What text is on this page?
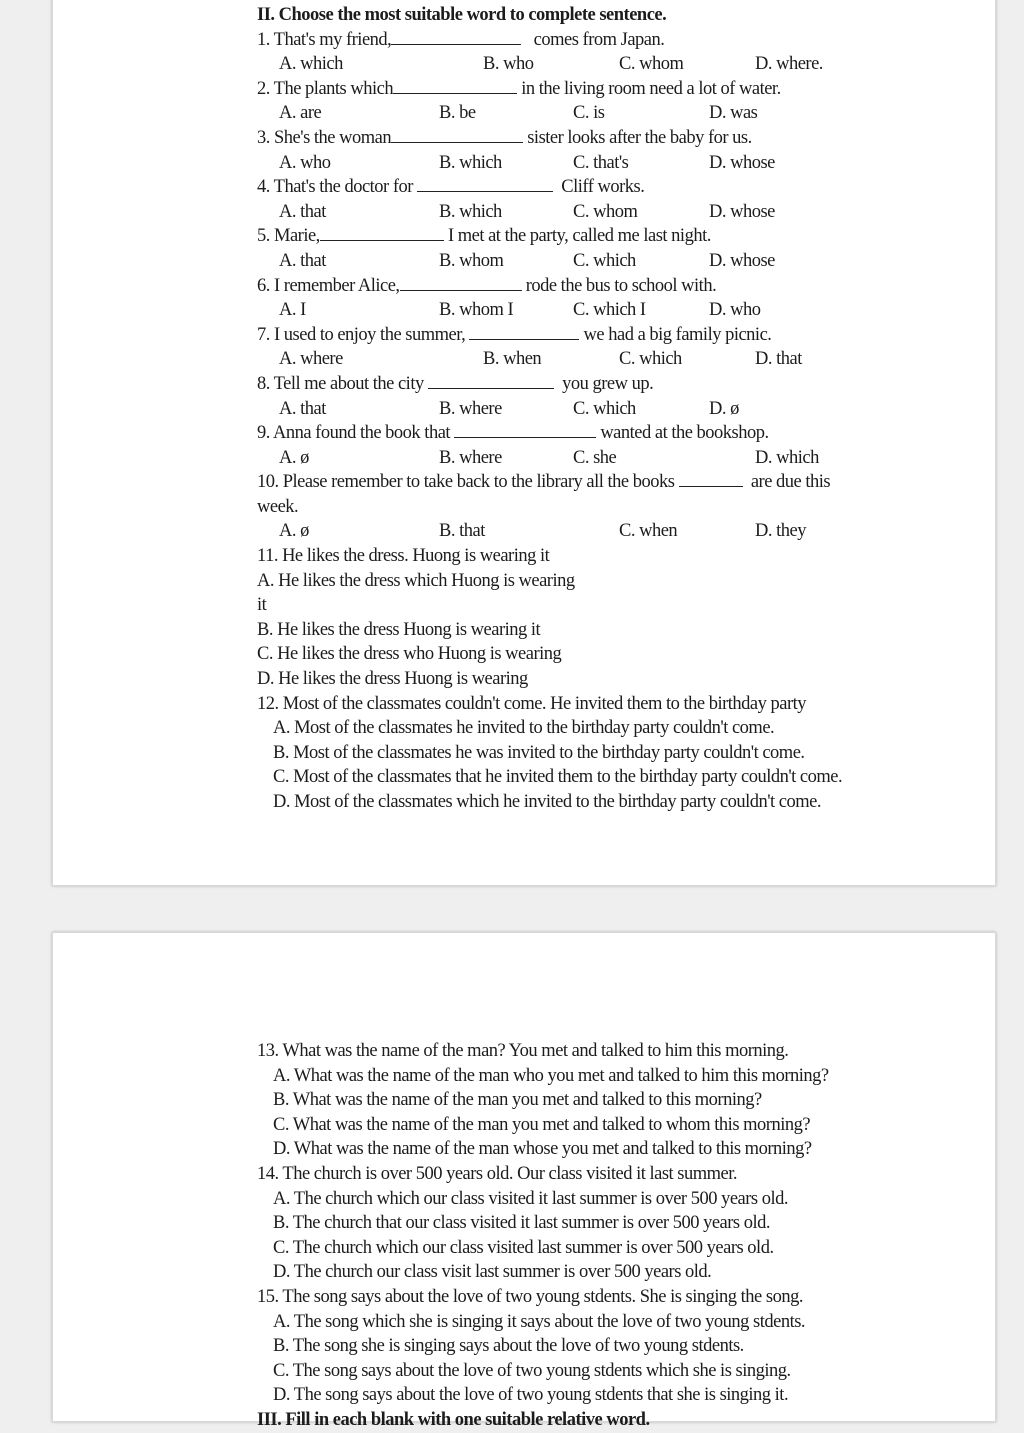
II. Choose the most suitable word to complete sentence.
1. That's my friend,	comes from Japan.
A. which	B. who	C. whom	D. where.
2. The plants which	in the living room need a lot of water.
A. are	B. be	C. is	D. was
3. She's the woman	sister looks after the baby for us.
A. who	B. which	C. that's	D. whose
4. That's the doctor for	Cliff works.
A. that	B. which	C. whom	D. whose
5. Marie,	I met at the party, called me last night.
A. that	B. whom	C. which	D. whose
6. I remember Alice,	rode the bus to school with.
A. I	B. whom I	C. which I	D. who
7. I used to enjoy the summer,	we had a big family picnic.
A. where	B. when	C. which	D. that
8. Tell me about the city	you grew up.
A. that	B. where	C. which	D. ø
9. Anna found the book that	wanted at the bookshop.
A. ø	B. where	C. she	D. which
10. Please remember to take back to the library all the books	are due this
week.
A. ø	B. that	C. when	D. they
11. He likes the dress. Huong is wearing it
A. He likes the dress which Huong is wearing
it
B. He likes the dress Huong is wearing it
C. He likes the dress who Huong is wearing
D. He likes the dress Huong is wearing
12. Most of the classmates couldn't come. He invited them to the birthday party
A. Most of the classmates he invited to the birthday party couldn't come.
B. Most of the classmates he was invited to the birthday party couldn't come.
C. Most of the classmates that he invited them to the birthday party couldn't come.
D. Most of the classmates which he invited to the birthday party couldn't come.
13. What was the name of the man? You met and talked to him this morning.
A. What was the name of the man who you met and talked to him this morning?
B. What was the name of the man you met and talked to this morning?
C. What was the name of the man you met and talked to whom this morning?
D. What was the name of the man whose you met and talked to this morning?
14. The church is over 500 years old. Our class visited it last summer.
A. The church which our class visited it last summer is over 500 years old.
B. The church that our class visited it last summer is over 500 years old.
C. The church which our class visited last summer is over 500 years old.
D. The church our class visit last summer is over 500 years old.
15. The song says about the love of two young stdents. She is singing the song.
A. The song which she is singing it says about the love of two young stdents.
B. The song she is singing says about the love of two young stdents.
C. The song says about the love of two young stdents which she is singing.
D. The song says about the love of two young stdents that she is singing it.
III. Fill in each blank with one suitable relative word.
